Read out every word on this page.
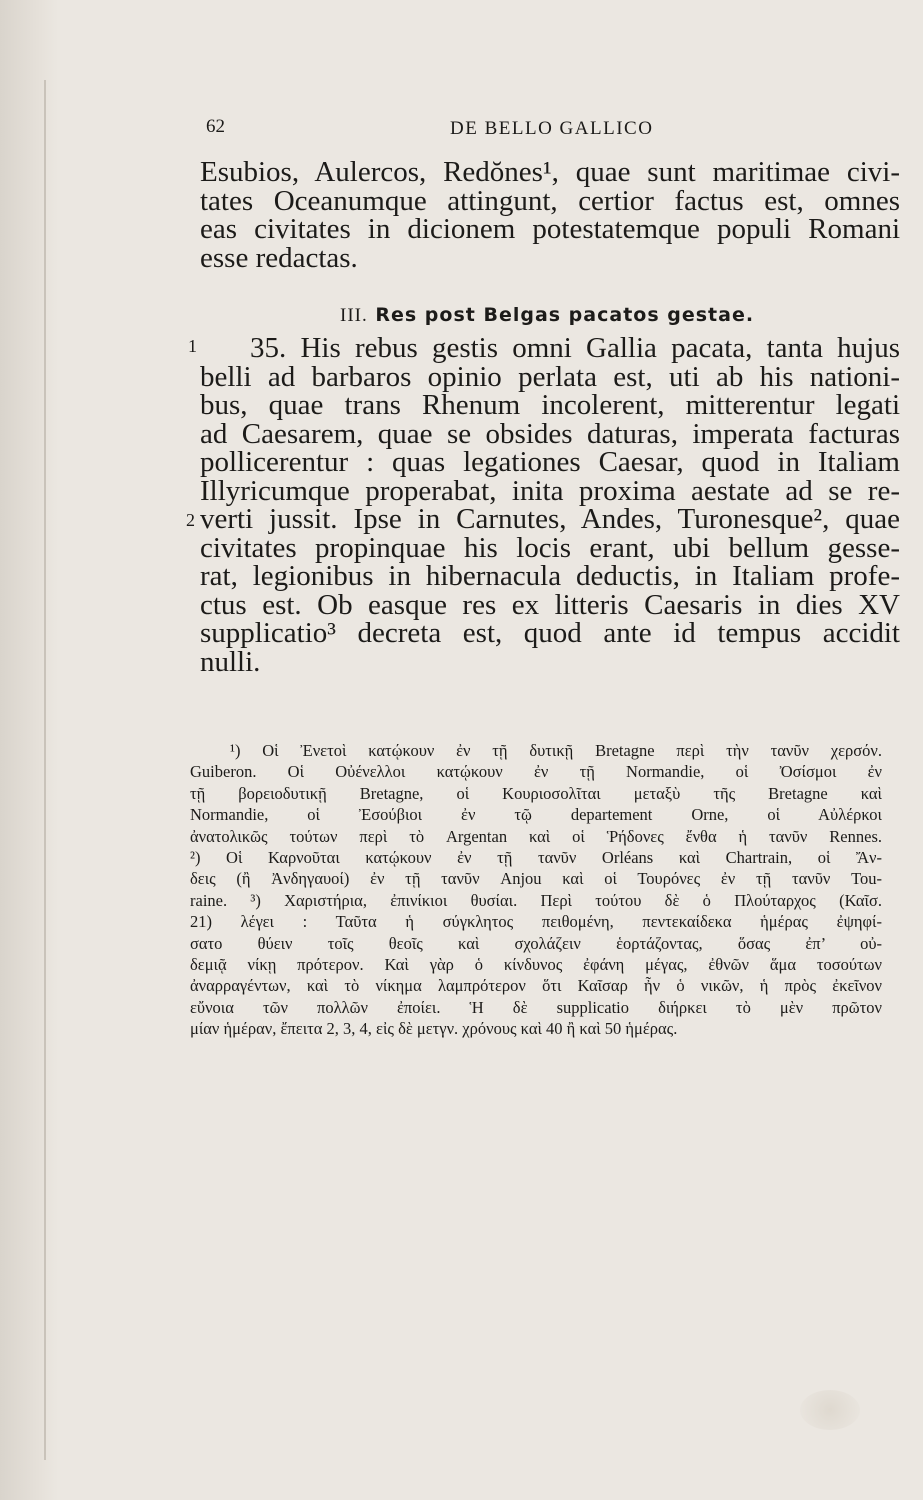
62	DE BELLO GALLICO
Esubios, Aulercos, Redŏnes¹, quae sunt maritimae civi-
tates Oceanumque attingunt, certior factus est, omnes
eas civitates in dicionem potestatemque populi Romani
esse redactas.
III. Res post Belgas pacatos gestae.
1
2
35. His rebus gestis omni Gallia pacata, tanta hujus
belli ad barbaros opinio perlata est, uti ab his nationi-
bus, quae trans Rhenum incolerent, mitterentur legati
ad Caesarem, quae se obsides daturas, imperata facturas
pollicerentur : quas legationes Caesar, quod in Italiam
Illyricumque properabat, inita proxima aestate ad se re-
verti jussit. Ipse in Carnutes, Andes, Turonesque², quae
civitates propinquae his locis erant, ubi bellum gesse-
rat, legionibus in hibernacula deductis, in Italiam profe-
ctus est. Ob easque res ex litteris Caesaris in dies XV
supplicatio³ decreta est, quod ante id tempus accidit
nulli.
¹) Οἱ Ἐνετοὶ κατῴκουν ἐν τῇ δυτικῇ Bretagne περὶ τὴν τανῦν χερσόν.
Guiberon. Οἱ Οὐένελλοι κατῴκουν ἐν τῇ Normandie, οἱ Ὀσίσμοι ἐν
τῇ βορειοδυτικῇ Bretagne, οἱ Κουριοσολῖται μεταξὺ τῆς Bretagne καὶ
Normandie, οἱ Ἐσούβιοι ἐν τῷ departement Orne, οἱ Αὐλέρκοι
ἀνατολικῶς τούτων περὶ τὸ Argentan καὶ οἱ Ῥήδονες ἔνθα ἡ τανῦν Rennes.
²) Οἱ Καρνοῦται κατῴκουν ἐν τῇ τανῦν Orléans καὶ Chartrain, οἱ Ἄν-
δεις (ἢ Ἀνδηγαυοί) ἐν τῇ τανῦν Anjou καὶ οἱ Τουρόνες ἐν τῇ τανῦν Tou-
raine. ³) Χαριστήρια, ἐπινίκιοι θυσίαι. Περὶ τούτου δὲ ὁ Πλούταρχος (Καῖσ.
21) λέγει : Ταῦτα ἡ σύγκλητος πειθομένη, πεντεκαίδεκα ἡμέρας ἐψηφί-
σατο θύειν τοῖς θεοῖς καὶ σχολάζειν ἑορτάζοντας, ὅσας ἐπ’ οὐ-
δεμιᾷ νίκῃ πρότερον. Καὶ γὰρ ὁ κίνδυνος ἐφάνη μέγας, ἐθνῶν ἅμα τοσούτων
ἀναρραγέντων, καὶ τὸ νίκημα λαμπρότερον ὅτι Καῖσαρ ἦν ὁ νικῶν, ἡ πρὸς ἐκεῖνον
εὔνοια τῶν πολλῶν ἐποίει. Ἡ δὲ supplicatio διήρκει τὸ μὲν πρῶτον
μίαν ἡμέραν, ἔπειτα 2, 3, 4, εἰς δὲ μετγν. χρόνους καὶ 40 ἢ καὶ 50 ἡμέρας.
